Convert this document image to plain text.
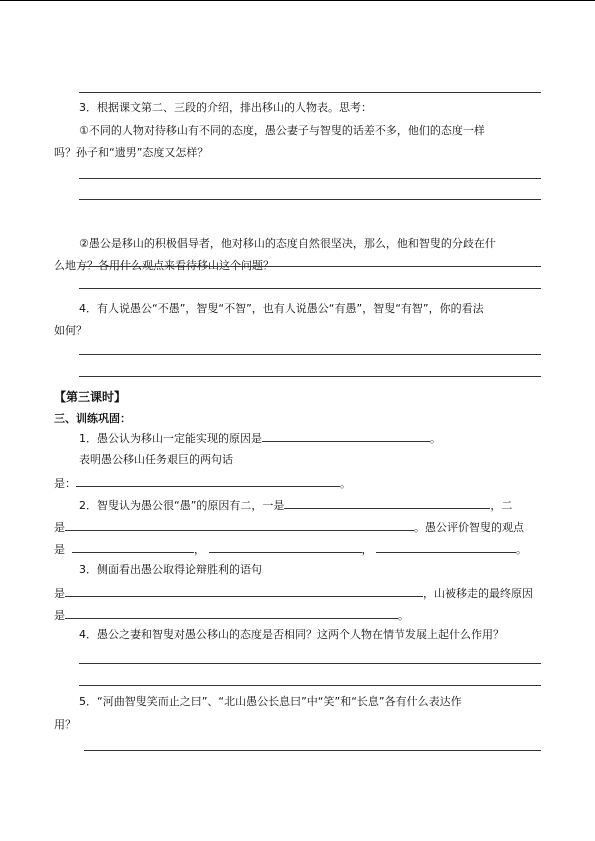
3．根据课文第二、三段的介绍，排出移山的人物表。思考：
①不同的人物对待移山有不同的态度，愚公妻子与智叟的话差不多，他们的态度一样
吗？孙子和“遗男”态度又怎样？
②愚公是移山的积极倡导者，他对移山的态度自然很坚决，那么，他和智叟的分歧在什
么地方？各用什么观点来看待移山这个问题？
4．有人说愚公“不愚”，智叟“不智”，也有人说愚公“有愚”，智叟“有智”，你的看法
如何？
【第三课时】
三、训练巩固：
1．愚公认为移山一定能实现的原因是	。
表明愚公移山任务艰巨的两句话
是：	。
2．智叟认为愚公很“愚”的原因有二，一是	，二
是	。愚公评价智叟的观点
是	，	，	。
3．侧面看出愚公取得论辩胜利的语句
是	，山被移走的最终原因
是	。
4．愚公之妻和智叟对愚公移山的态度是否相同？这两个人物在情节发展上起什么作用？
5．“河曲智叟笑而止之曰”、“北山愚公长息曰”中“笑”和“长息”各有什么表达作
用？
